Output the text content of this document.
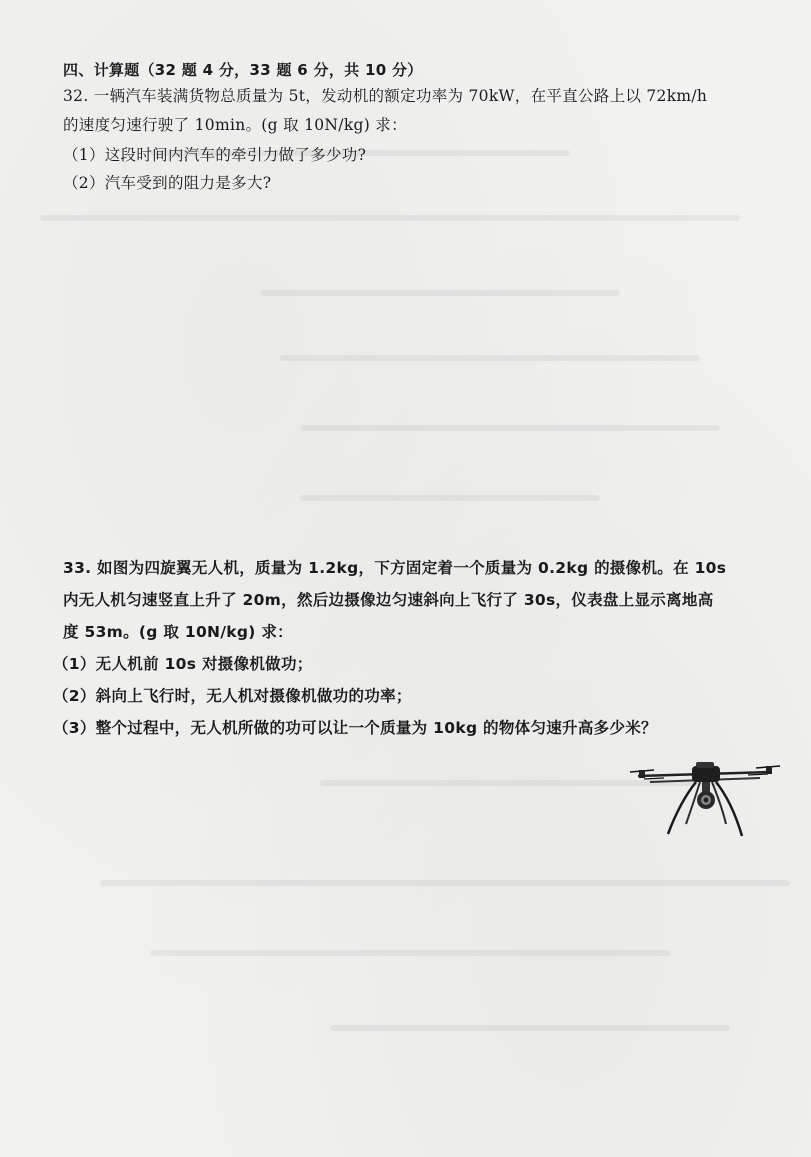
四、计算题（32 题 4 分，33 题 6 分，共 10 分）
32. 一辆汽车装满货物总质量为 5t，发动机的额定功率为 70kW，在平直公路上以 72km/h
的速度匀速行驶了 10min。(g 取 10N/kg) 求：
（1）这段时间内汽车的牵引力做了多少功?
（2）汽车受到的阻力是多大?
33. 如图为四旋翼无人机，质量为 1.2kg，下方固定着一个质量为 0.2kg 的摄像机。在 10s
内无人机匀速竖直上升了 20m，然后边摄像边匀速斜向上飞行了 30s，仪表盘上显示离地高
度 53m。(g 取 10N/kg) 求：
（1）无人机前 10s 对摄像机做功；
（2）斜向上飞行时，无人机对摄像机做功的功率；
（3）整个过程中，无人机所做的功可以让一个质量为 10kg 的物体匀速升高多少米？
